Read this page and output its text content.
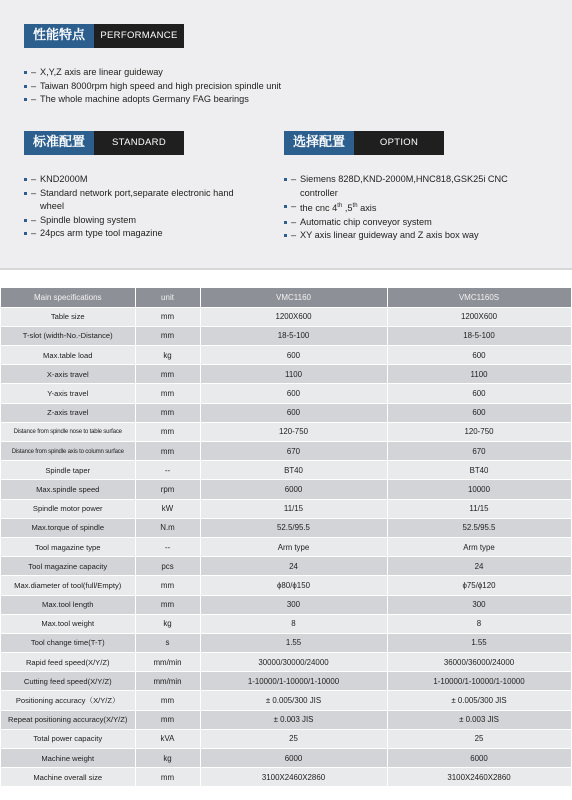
性能特点	PERFORMANCE
– X,Y,Z axis are linear guideway
– Taiwan 8000rpm high speed and high precision spindle unit
– The whole machine adopts Germany FAG bearings
标准配置	STANDARD
– KND2000M
– Standard network port,separate electronic hand wheel
– Spindle blowing system
– 24pcs arm type tool magazine
选择配置	OPTION
– Siemens 828D,KND-2000M,HNC818,GSK25i CNC controller
– the cnc 4th ,5th axis
– Automatic chip conveyor system
– XY axis linear guideway and Z axis box way
Main specifications	unit	VMC1160	VMC1160S
Table size	mm	1200X600	1200X600
T-slot (width-No.-Distance)	mm	18-5-100	18-5-100
Max.table load	kg	600	600
X-axis travel	mm	1100	1100
Y-axis travel	mm	600	600
Z-axis travel	mm	600	600
Distance from spindle nose to table surface	mm	120-750	120-750
Distance from spindle axis to column surface	mm	670	670
Spindle taper	--	BT40	BT40
Max.spindle speed	rpm	6000	10000
Spindle motor power	kW	11/15	11/15
Max.torque of spindle	N.m	52.5/95.5	52.5/95.5
Tool magazine type	--	Arm type	Arm type
Tool magazine capacity	pcs	24	24
Max.diameter of tool(full/Empty)	mm	ϕ80/ϕ150	ϕ75/ϕ120
Max.tool length	mm	300	300
Max.tool weight	kg	8	8
Tool change time(T-T)	s	1.55	1.55
Rapid feed speed(X/Y/Z)	mm/min	30000/30000/24000	36000/36000/24000
Cutting feed speed(X/Y/Z)	mm/min	1-10000/1-10000/1-10000	1-10000/1-10000/1-10000
Positioning accuracy（X/Y/Z）	mm	± 0.005/300 JIS	± 0.005/300 JIS
Repeat positioning accuracy(X/Y/Z)	mm	± 0.003 JIS	± 0.003 JIS
Total power capacity	kVA	25	25
Machine weight	kg	6000	6000
Machine overall size	mm	3100X2460X2860	3100X2460X2860
